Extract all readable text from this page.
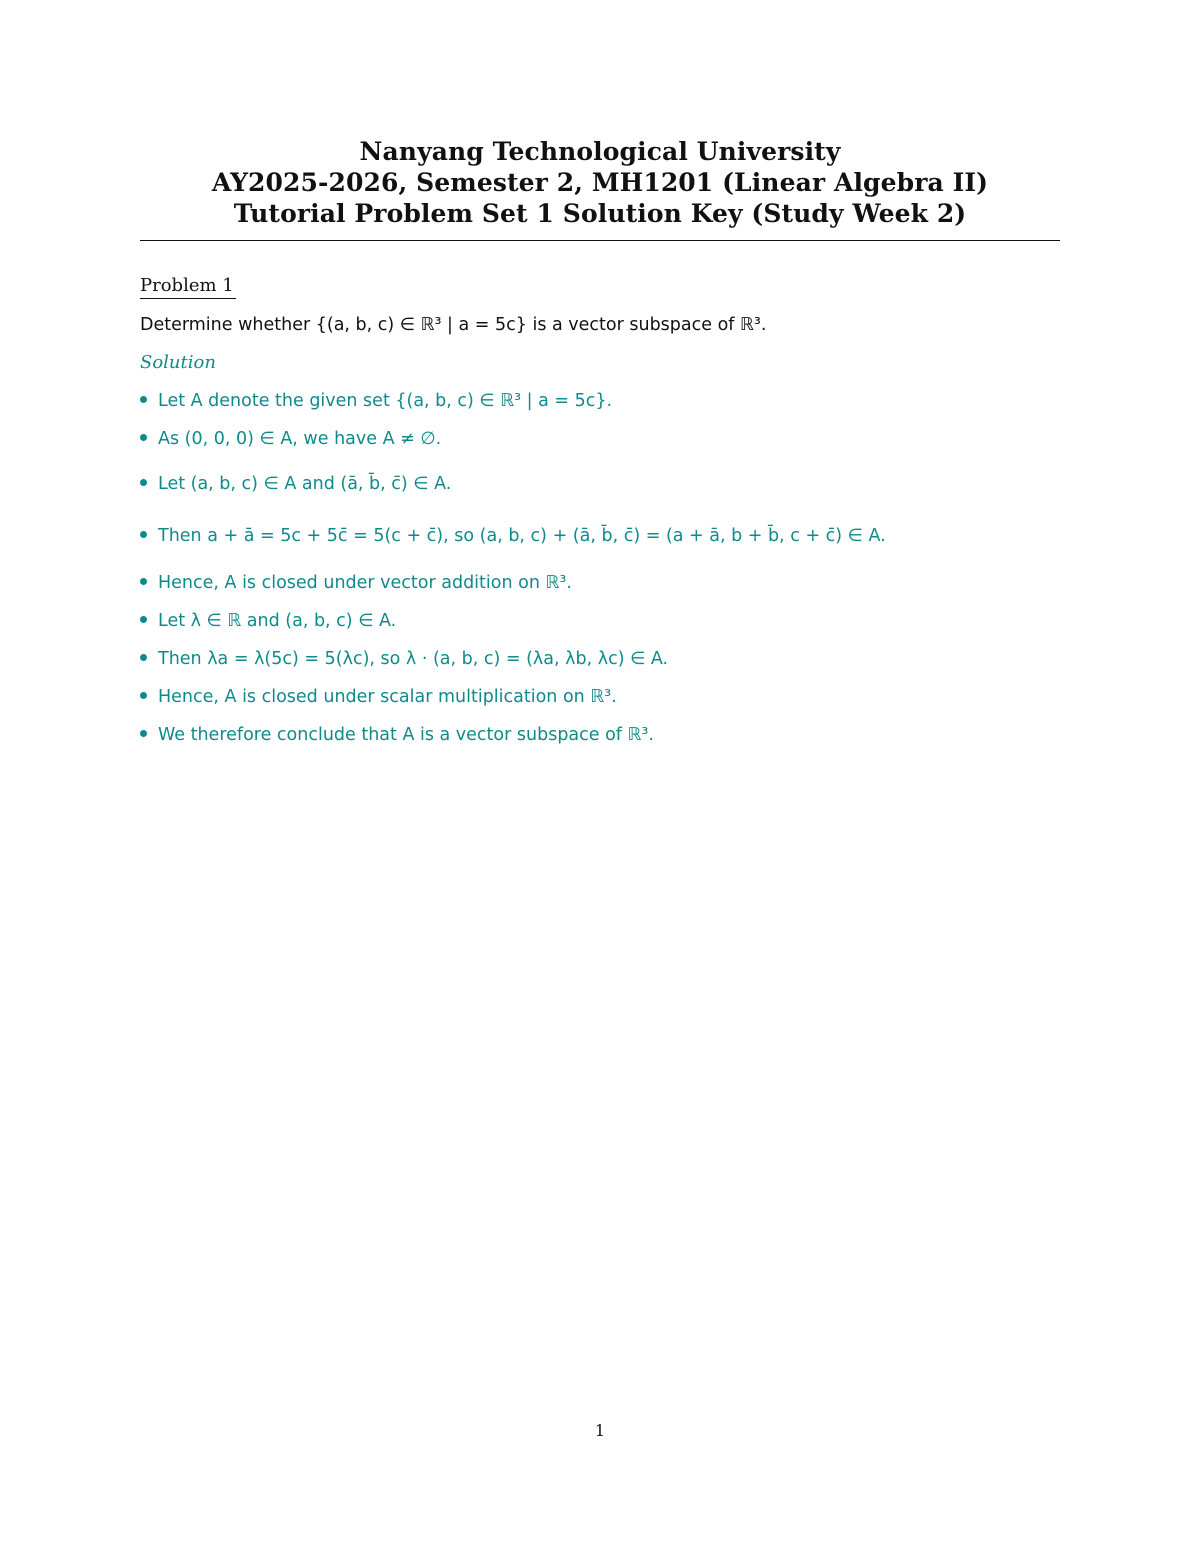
Nanyang Technological University
AY2025-2026, Semester 2, MH1201 (Linear Algebra II)
Tutorial Problem Set 1 Solution Key (Study Week 2)
Problem 1
Determine whether {(a, b, c) ∈ ℝ³ | a = 5c} is a vector subspace of ℝ³.
Solution
Let A denote the given set {(a, b, c) ∈ ℝ³ | a = 5c}.
As (0, 0, 0) ∈ A, we have A ≠ ∅.
Let (a, b, c) ∈ A and (ā, b̄, c̄) ∈ A.
Then a + ā = 5c + 5c̄ = 5(c + c̄), so (a, b, c) + (ā, b̄, c̄) = (a + ā, b + b̄, c + c̄) ∈ A.
Hence, A is closed under vector addition on ℝ³.
Let λ ∈ ℝ and (a, b, c) ∈ A.
Then λa = λ(5c) = 5(λc), so λ · (a, b, c) = (λa, λb, λc) ∈ A.
Hence, A is closed under scalar multiplication on ℝ³.
We therefore conclude that A is a vector subspace of ℝ³.
1
